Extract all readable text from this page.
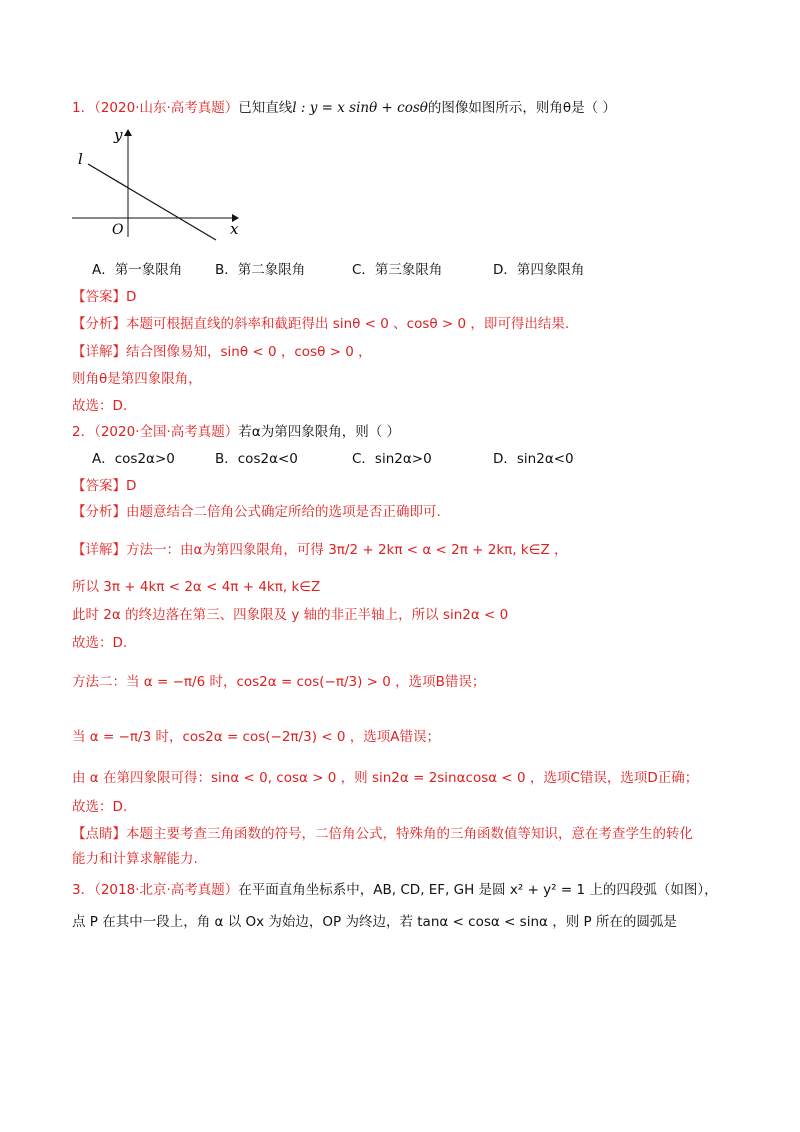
1．（2020·山东·高考真题）已知直线l : y = x sinθ + cosθ的图像如图所示，则角θ是（ ）
y
x
O
l
A．第一象限角 B．第二象限角	C．第三象限角	D．第四象限角
【答案】D
【分析】本题可根据直线的斜率和截距得出 sinθ < 0 、cosθ > 0 ，即可得出结果.
【详解】结合图像易知，sinθ < 0 ，cosθ > 0 ，
则角θ是第四象限角，
故选：D.
2．（2020·全国·高考真题）若α为第四象限角，则（ ）
A．cos2α>0	B．cos2α<0	C．sin2α>0	D．sin2α<0
【答案】D
【分析】由题意结合二倍角公式确定所给的选项是否正确即可.
【详解】方法一：由α为第四象限角，可得 3π/2 + 2kπ < α < 2π + 2kπ, k∈Z ，
所以 3π + 4kπ < 2α < 4π + 4kπ, k∈Z
此时 2α 的终边落在第三、四象限及 y 轴的非正半轴上，所以 sin2α < 0
故选：D.
方法二：当 α = −π/6 时，cos2α = cos(−π/3) > 0 ，选项B错误；
当 α = −π/3 时，cos2α = cos(−2π/3) < 0 ，选项A错误；
由 α 在第四象限可得：sinα < 0, cosα > 0 ，则 sin2α = 2sinαcosα < 0 ，选项C错误，选项D正确；
故选：D.
【点睛】本题主要考查三角函数的符号，二倍角公式，特殊角的三角函数值等知识，意在考查学生的转化
能力和计算求解能力.
3．（2018·北京·高考真题）在平面直角坐标系中，AB, CD, EF, GH 是圆 x² + y² = 1 上的四段弧（如图），
点 P 在其中一段上，角 α 以 Ox 为始边，OP 为终边，若 tanα < cosα < sinα ，则 P 所在的圆弧是
